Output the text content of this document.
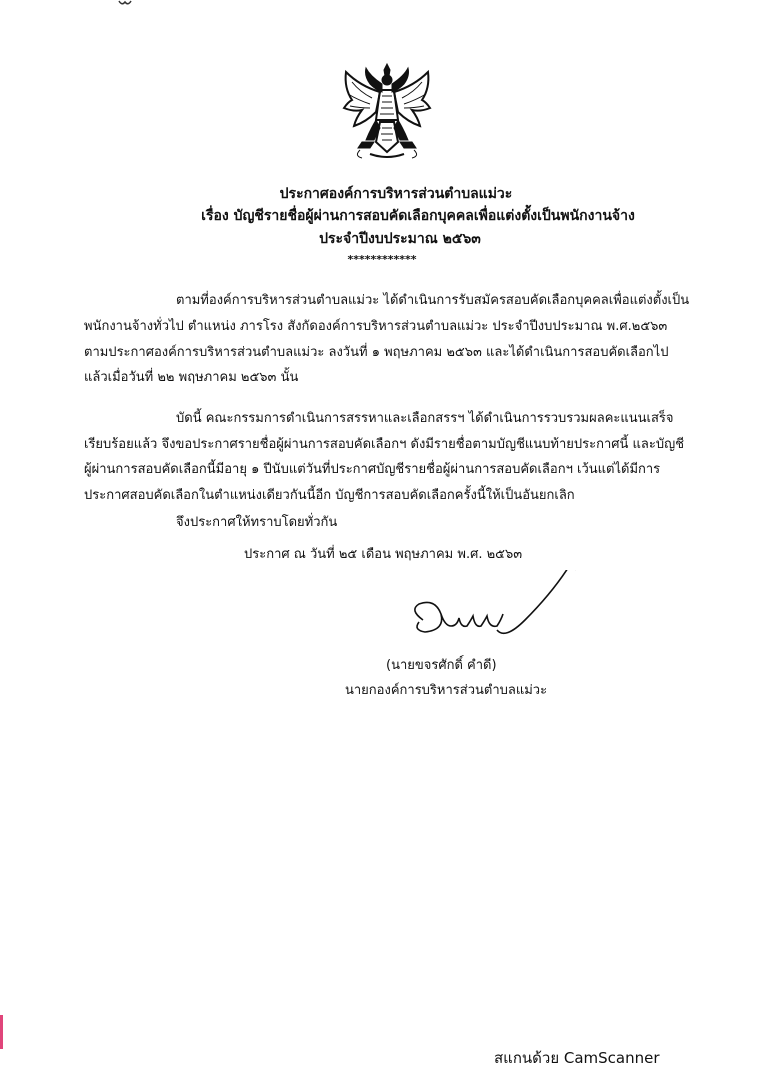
ประกาศองค์การบริหารส่วนตำบลแม่วะ
เรื่อง บัญชีรายชื่อผู้ผ่านการสอบคัดเลือกบุคคลเพื่อแต่งตั้งเป็นพนักงานจ้าง
ประจำปีงบประมาณ ๒๕๖๓
************
ตามที่องค์การบริหารส่วนตำบลแม่วะ ได้ดำเนินการรับสมัครสอบคัดเลือกบุคคลเพื่อแต่งตั้งเป็น
พนักงานจ้างทั่วไป ตำแหน่ง ภารโรง สังกัดองค์การบริหารส่วนตำบลแม่วะ ประจำปีงบประมาณ พ.ศ.๒๕๖๓
ตามประกาศองค์การบริหารส่วนตำบลแม่วะ ลงวันที่ ๑ พฤษภาคม ๒๕๖๓ และได้ดำเนินการสอบคัดเลือกไป
แล้วเมื่อวันที่ ๒๒ พฤษภาคม ๒๕๖๓ นั้น
บัดนี้ คณะกรรมการดำเนินการสรรหาและเลือกสรรฯ ได้ดำเนินการรวบรวมผลคะแนนเสร็จ
เรียบร้อยแล้ว จึงขอประกาศรายชื่อผู้ผ่านการสอบคัดเลือกฯ ดังมีรายชื่อตามบัญชีแนบท้ายประกาศนี้ และบัญชี
ผู้ผ่านการสอบคัดเลือกนี้มีอายุ ๑ ปีนับแต่วันที่ประกาศบัญชีรายชื่อผู้ผ่านการสอบคัดเลือกฯ เว้นแต่ได้มีการ
ประกาศสอบคัดเลือกในตำแหน่งเดียวกันนี้อีก บัญชีการสอบคัดเลือกครั้งนี้ให้เป็นอันยกเลิก
จึงประกาศให้ทราบโดยทั่วกัน
ประกาศ ณ วันที่ ๒๕ เดือน พฤษภาคม พ.ศ. ๒๕๖๓
(นายขจรศักดิ์ คำดี)
นายกองค์การบริหารส่วนตำบลแม่วะ
สแกนด้วย CamScanner
